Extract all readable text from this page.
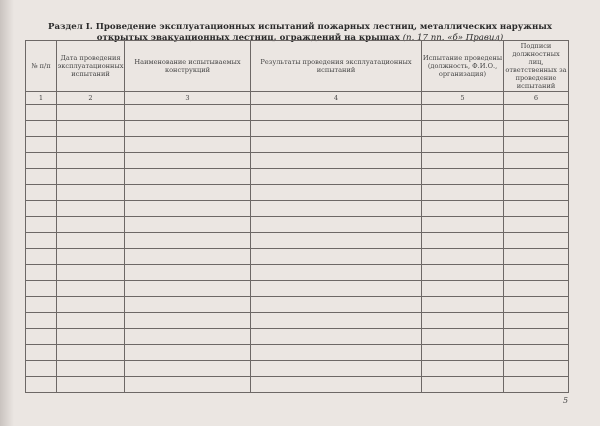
Раздел I. Проведение эксплуатационных испытаний пожарных лестниц, металлических наружных открытых эвакуационных лестниц, ограждений на крышах (п. 17 пп. «б» Правил)
№ п/п	Дата проведения эксплуатационных испытаний	Наименование испытываемых конструкций	Результаты проведения эксплуатационных испытаний	Испытание проведены (должность, Ф.И.О., организация)	Подписи должностных лиц, ответственных за проведение испытаний
1	2	3	4	5	6

5
